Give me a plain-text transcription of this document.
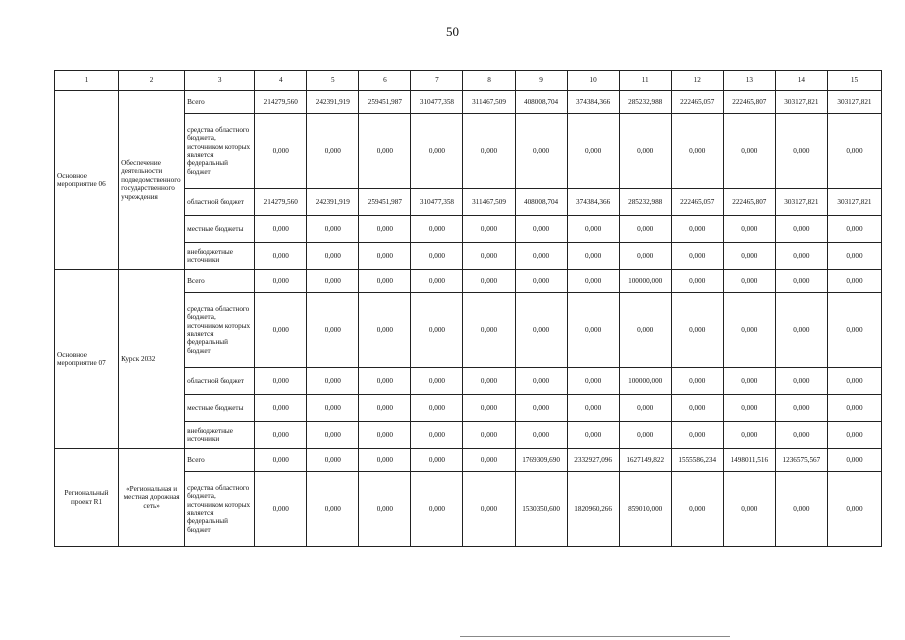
50
1	2	3	4	5	6	7	8	9	10	11	12	13	14	15
Основное мероприятие 06	Обеспечение деятельности подведомственного государственного учреждения	Всего	214279,560	242391,919	259451,987	310477,358	311467,509	408008,704	374384,366	285232,988	222465,057	222465,807	303127,821	303127,821
		средства областного бюджета, источником которых является федеральный бюджет	0,000	0,000	0,000	0,000	0,000	0,000	0,000	0,000	0,000	0,000	0,000	0,000
		областной бюджет	214279,560	242391,919	259451,987	310477,358	311467,509	408008,704	374384,366	285232,988	222465,057	222465,807	303127,821	303127,821
		местные бюджеты	0,000	0,000	0,000	0,000	0,000	0,000	0,000	0,000	0,000	0,000	0,000	0,000
		внебюджетные источники	0,000	0,000	0,000	0,000	0,000	0,000	0,000	0,000	0,000	0,000	0,000	0,000
Основное мероприятие 07	Курск 2032	Всего	0,000	0,000	0,000	0,000	0,000	0,000	0,000	100000,000	0,000	0,000	0,000	0,000
		средства областного бюджета, источником которых является федеральный бюджет	0,000	0,000	0,000	0,000	0,000	0,000	0,000	0,000	0,000	0,000	0,000	0,000
		областной бюджет	0,000	0,000	0,000	0,000	0,000	0,000	0,000	100000,000	0,000	0,000	0,000	0,000
		местные бюджеты	0,000	0,000	0,000	0,000	0,000	0,000	0,000	0,000	0,000	0,000	0,000	0,000
		внебюджетные источники	0,000	0,000	0,000	0,000	0,000	0,000	0,000	0,000	0,000	0,000	0,000	0,000
Региональный проект R1	«Региональная и местная дорожная сеть»	Всего	0,000	0,000	0,000	0,000	0,000	1769309,690	2332927,096	1627149,822	1555586,234	1498011,516	1236575,567	0,000
		средства областного бюджета, источником которых является федеральный бюджет	0,000	0,000	0,000	0,000	0,000	1530350,600	1820960,266	859010,000	0,000	0,000	0,000	0,000
